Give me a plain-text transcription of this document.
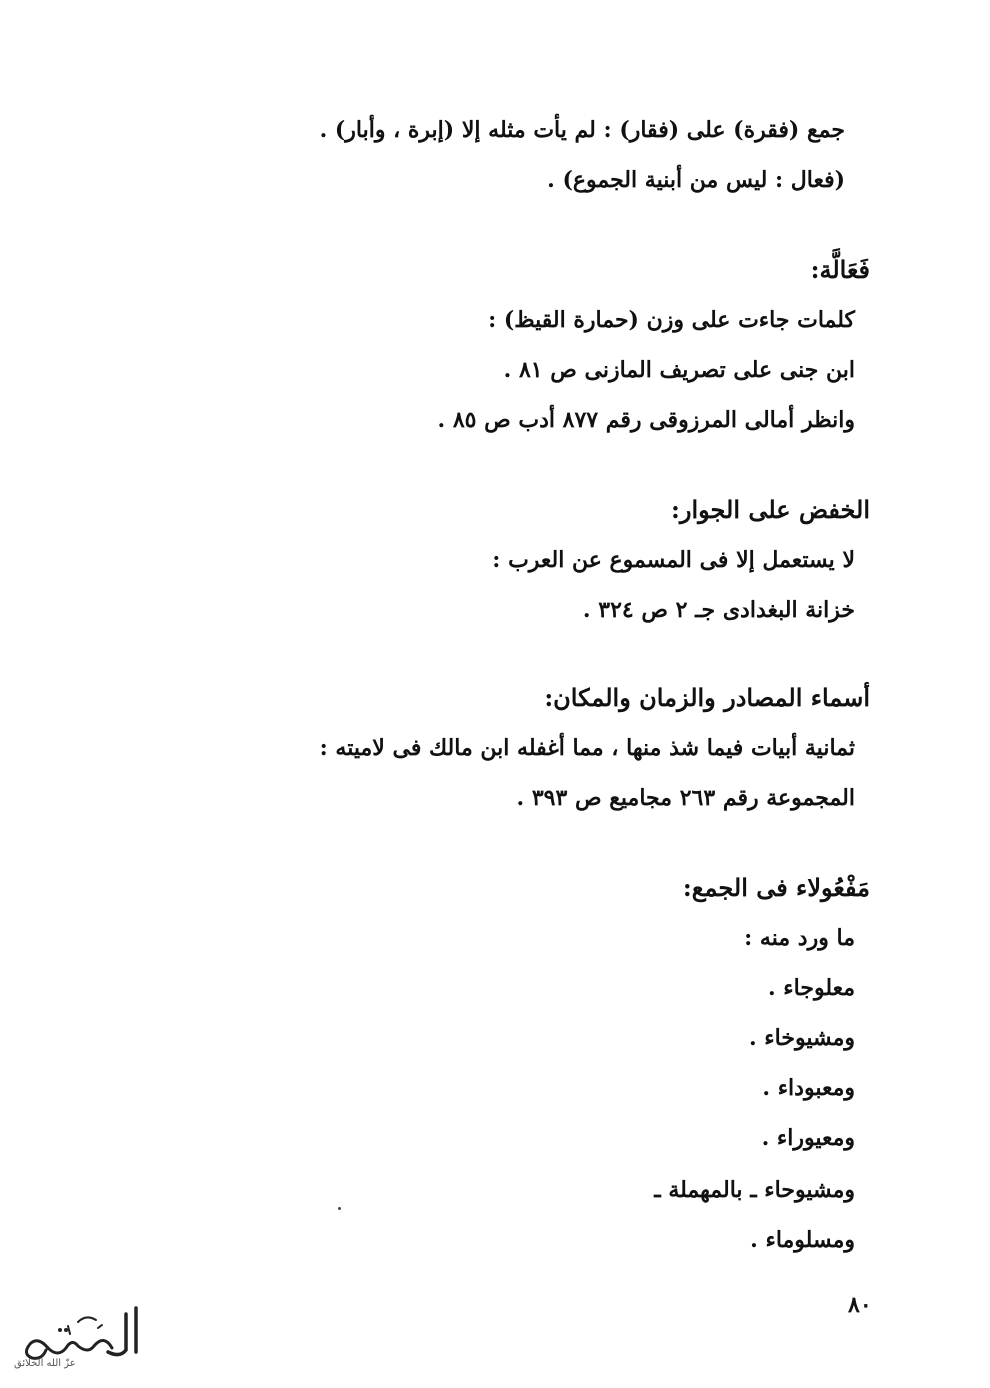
جمع (فقرة) على (فقار) : لم يأت مثله إلا (إبرة ، وأبار) .
(فعال : ليس من أبنية الجموع) .
فَعَالَّة:
كلمات جاءت على وزن (حمارة القيظ) :
ابن جنى على تصريف المازنى ص ٨١ .
وانظر أمالى المرزوقى رقم ٨٧٧ أدب ص ٨٥ .
الخفض على الجوار:
لا يستعمل إلا فى المسموع عن العرب :
خزانة البغدادى جـ ٢ ص ٣٢٤ .
أسماء المصادر والزمان والمكان:
ثمانية أبيات فيما شذ منها ، مما أغفله ابن مالك فى لاميته :
المجموعة رقم ٢٦٣ مجاميع ص ٣٩٣ .
مَفْعُولاء فى الجمع:
ما ورد منه :
معلوجاء .
ومشيوخاء .
ومعبوداء .
ومعيوراء .
ومشيوحاء ـ بالمهملة ـ
ومسلوماء .
٨٠
عزّ الله الخلائق
